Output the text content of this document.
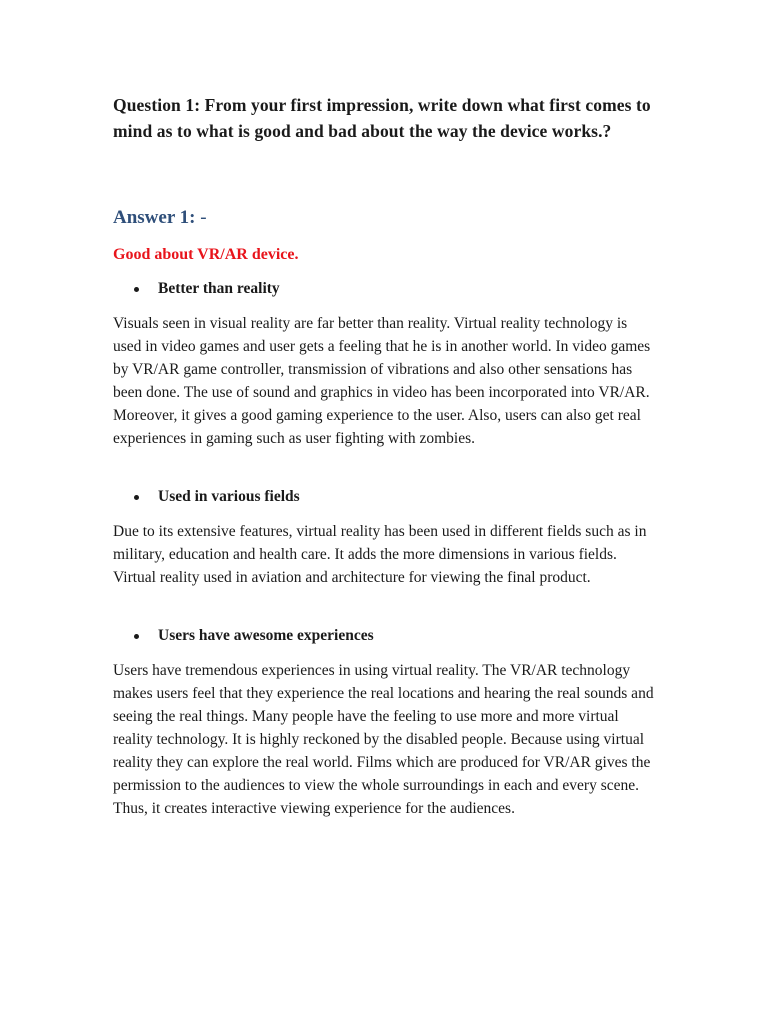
Question 1: From your first impression, write down what first comes to mind as to what is good and bad about the way the device works.?

Answer 1: -

Good about VR/AR device.

Better than reality

Visuals seen in visual reality are far better than reality. Virtual reality technology is used in video games and user gets a feeling that he is in another world. In video games by VR/AR game controller, transmission of vibrations and also other sensations has been done. The use of sound and graphics in video has been incorporated into VR/AR. Moreover, it gives a good gaming experience to the user. Also, users can also get real experiences in gaming such as user fighting with zombies.

Used in various fields

Due to its extensive features, virtual reality has been used in different fields such as in military, education and health care. It adds the more dimensions in various fields. Virtual reality used in aviation and architecture for viewing the final product.

Users have awesome experiences

Users have tremendous experiences in using virtual reality. The VR/AR technology makes users feel that they experience the real locations and hearing the real sounds and seeing the real things. Many people have the feeling to use more and more virtual reality technology. It is highly reckoned by the disabled people. Because using virtual reality they can explore the real world. Films which are produced for VR/AR gives the permission to the audiences to view the whole surroundings in each and every scene. Thus, it creates interactive viewing experience for the audiences.
